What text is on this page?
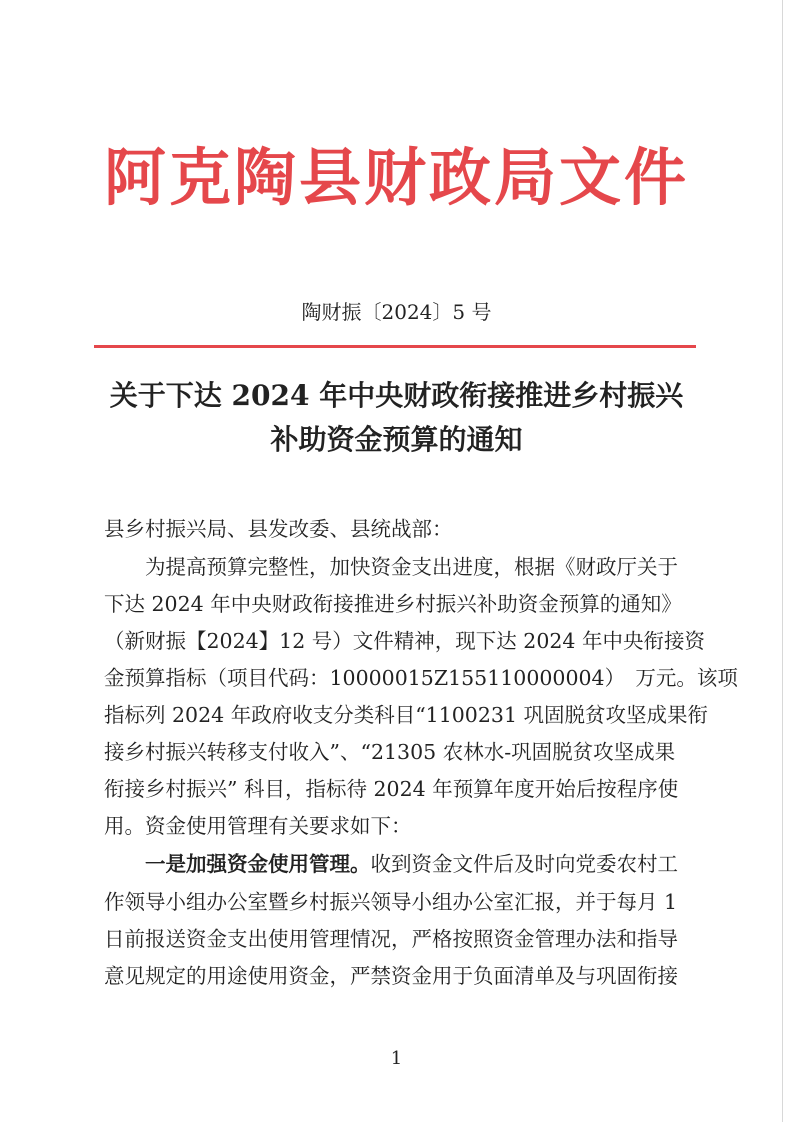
阿克陶县财政局文件
陶财振〔2024〕5 号
关于下达 2024 年中央财政衔接推进乡村振兴
补助资金预算的通知
县乡村振兴局、县发改委、县统战部：
　　为提高预算完整性，加快资金支出进度，根据《财政厅关于
下达 2024 年中央财政衔接推进乡村振兴补助资金预算的通知》
（新财振【2024】12 号）文件精神，现下达 2024 年中央衔接资
金预算指标（项目代码：10000015Z155110000004）　万元。该项
指标列 2024 年政府收支分类科目“1100231 巩固脱贫攻坚成果衔
接乡村振兴转移支付收入”、“21305 农林水-巩固脱贫攻坚成果
衔接乡村振兴” 科目，指标待 2024 年预算年度开始后按程序使
用。资金使用管理有关要求如下：
　　一是加强资金使用管理。收到资金文件后及时向党委农村工
作领导小组办公室暨乡村振兴领导小组办公室汇报，并于每月 1
日前报送资金支出使用管理情况，严格按照资金管理办法和指导
意见规定的用途使用资金，严禁资金用于负面清单及与巩固衔接
1
